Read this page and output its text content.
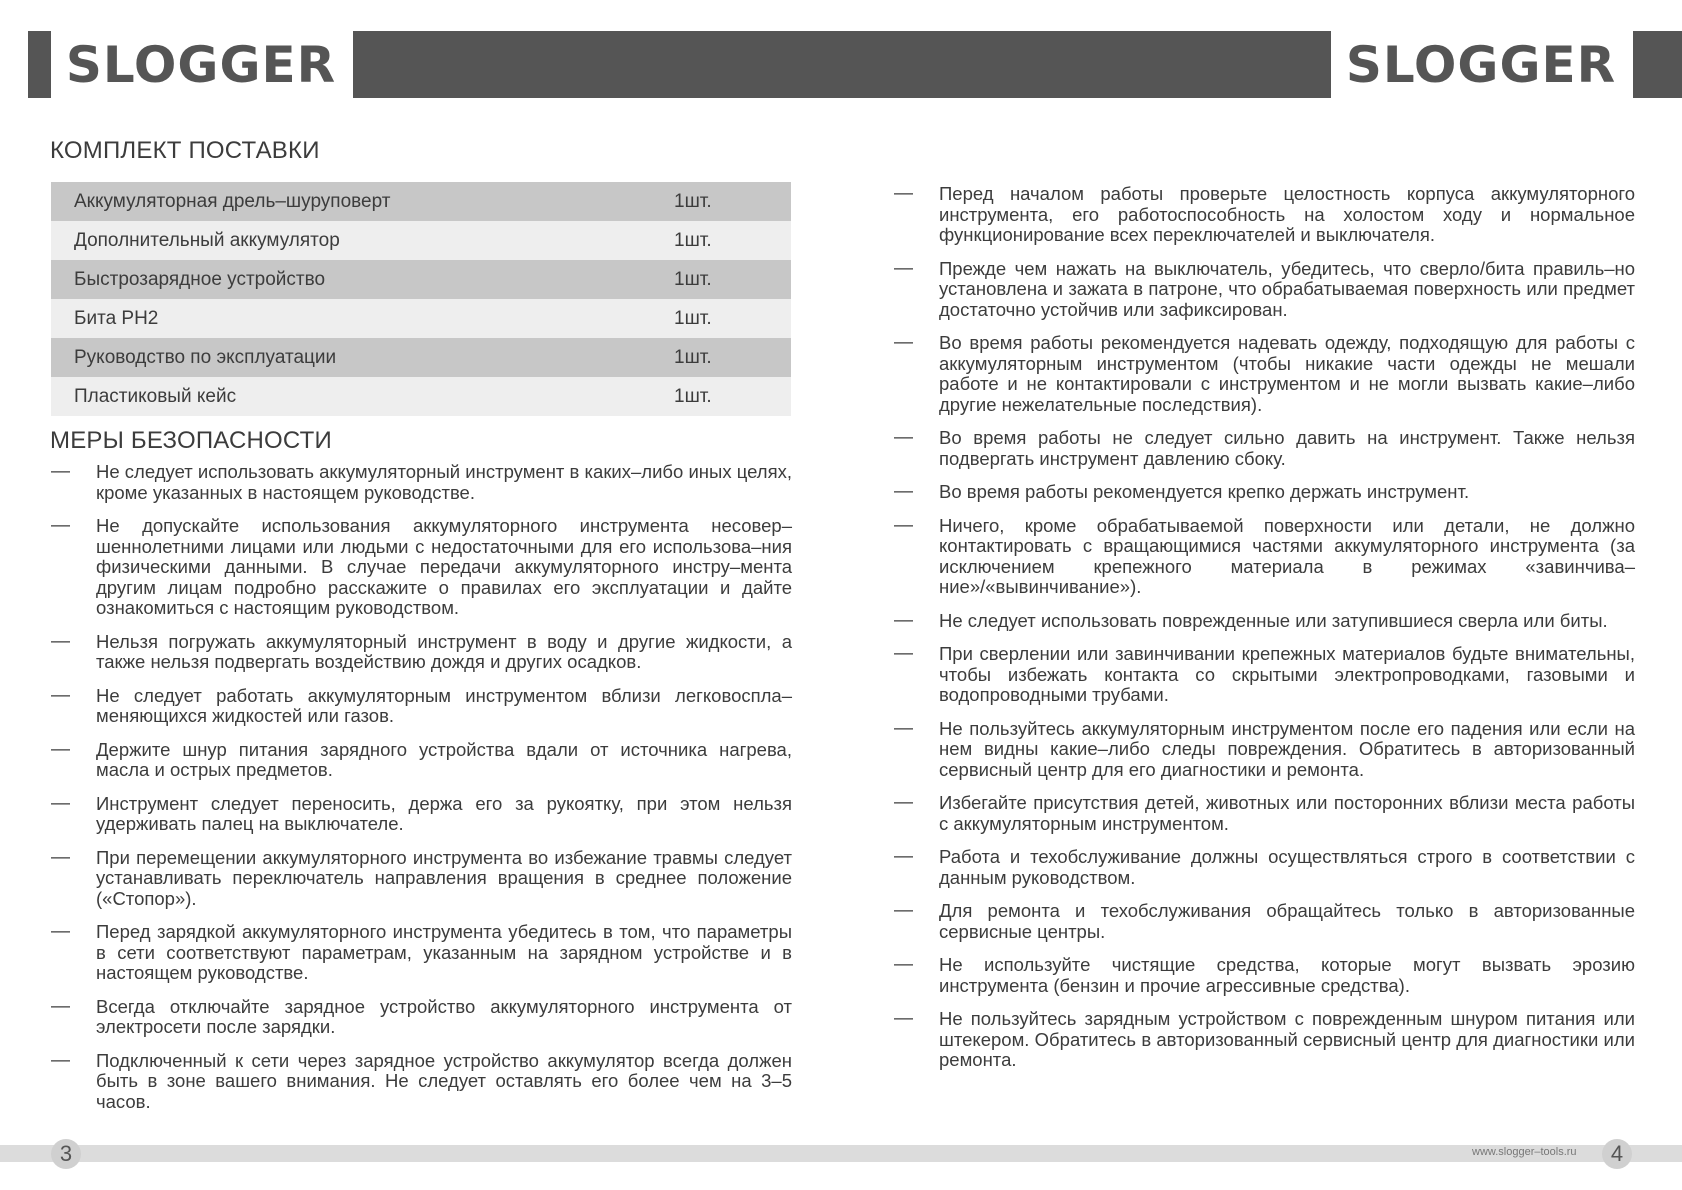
SLOGGER	SLOGGER
КОМПЛЕКТ ПОСТАВКИ
Аккумуляторная дрель–шуруповерт	1шт.
Дополнительный аккумулятор	1шт.
Быстрозарядное устройство	1шт.
Бита PH2	1шт.
Руководство по эксплуатации	1шт.
Пластиковый кейс	1шт.
МЕРЫ БЕЗОПАСНОСТИ
— Не следует использовать аккумуляторный инструмент в каких–либо иных целях, кроме указанных в настоящем руководстве.
— Не допускайте использования аккумуляторного инструмента несовер–шеннолетними лицами или людьми с недостаточными для его использова–ния физическими данными. В случае передачи аккумуляторного инстру–мента другим лицам подробно расскажите о правилах его эксплуатации и дайте ознакомиться с настоящим руководством.
— Нельзя погружать аккумуляторный инструмент в воду и другие жидкости, а также нельзя подвергать воздействию дождя и других осадков.
— Не следует работать аккумуляторным инструментом вблизи легковоспла–меняющихся жидкостей или газов.
— Держите шнур питания зарядного устройства вдали от источника нагрева, масла и острых предметов.
— Инструмент следует переносить, держа его за рукоятку, при этом нельзя удерживать палец на выключателе.
— При перемещении аккумуляторного инструмента во избежание травмы следует устанавливать переключатель направления вращения в среднее положение («Стопор»).
— Перед зарядкой аккумуляторного инструмента убедитесь в том, что параметры в сети соответствуют параметрам, указанным на зарядном устройстве и в настоящем руководстве.
— Всегда отключайте зарядное устройство аккумуляторного инструмента от электросети после зарядки.
— Подключенный к сети через зарядное устройство аккумулятор всегда должен быть в зоне вашего внимания. Не следует оставлять его более чем на 3–5 часов.
— Перед началом работы проверьте целостность корпуса аккумуляторного инструмента, его работоспособность на холостом ходу и нормальное функционирование всех переключателей и выключателя.
— Прежде чем нажать на выключатель, убедитесь, что сверло/бита правиль–но установлена и зажата в патроне, что обрабатываемая поверхность или предмет достаточно устойчив или зафиксирован.
— Во время работы рекомендуется надевать одежду, подходящую для работы с аккумуляторным инструментом (чтобы никакие части одежды не мешали работе и не контактировали с инструментом и не могли вызвать какие–либо другие нежелательные последствия).
— Во время работы не следует сильно давить на инструмент. Также нельзя подвергать инструмент давлению сбоку.
— Во время работы рекомендуется крепко держать инструмент.
— Ничего, кроме обрабатываемой поверхности или детали, не должно контактировать с вращающимися частями аккумуляторного инструмента (за исключением крепежного материала в режимах «завинчива–ние»/«вывинчивание»).
— Не следует использовать поврежденные или затупившиеся сверла или биты.
— При сверлении или завинчивании крепежных материалов будьте внимательны, чтобы избежать контакта со скрытыми электропроводками, газовыми и водопроводными трубами.
— Не пользуйтесь аккумуляторным инструментом после его падения или если на нем видны какие–либо следы повреждения. Обратитесь в авторизованный сервисный центр для его диагностики и ремонта.
— Избегайте присутствия детей, животных или посторонних вблизи места работы с аккумуляторным инструментом.
— Работа и техобслуживание должны осуществляться строго в соответствии с данным руководством.
— Для ремонта и техобслуживания обращайтесь только в авторизованные сервисные центры.
— Не используйте чистящие средства, которые могут вызвать эрозию инструмента (бензин и прочие агрессивные средства).
— Не пользуйтесь зарядным устройством с поврежденным шнуром питания или штекером. Обратитесь в авторизованный сервисный центр для диагностики или ремонта.
3	www.slogger–tools.ru	4
